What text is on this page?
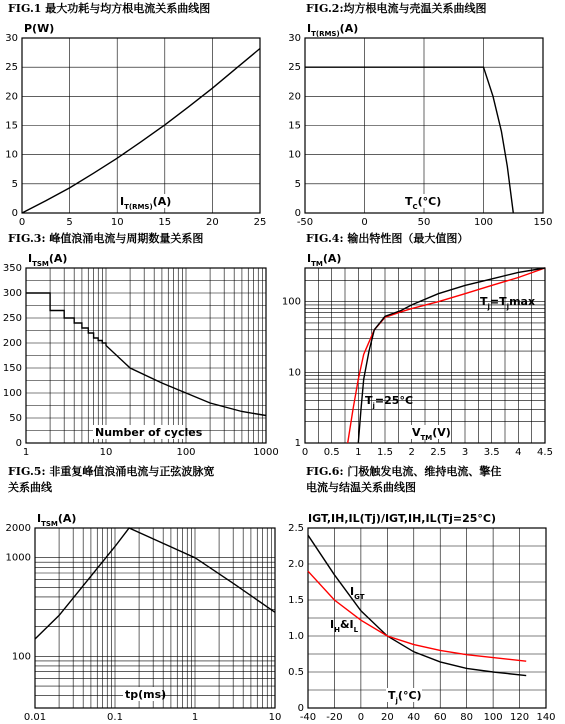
FIG.1 最大功耗与均方根电流关系曲线图
0	5	10	15	20	25
0
5
10
15
20
25
30
P(W)
$I_{T(RMS)}(A)$
FIG.2:均方根电流与壳温关系曲线图
-50	0	50	100	150
0
5
10
15
20
25
30
$I_{T(RMS)}(A)$
$T_C(^\circ C)$
FIG.3: 峰值浪涌电流与周期数量关系图
1	10	100	1000
0
50
100
150
200
250
300
350
$I_{TSM}(A)$
Number of cycles
FIG.4: 输出特性图（最大值图）
0 0.5 1 1.5 2 2.5 3 3.5 4 4.5
1
10
100
$I_{TM}(A)$
$V_{TM}(V)$
$T_j=T_j\max$
$T_j=25^\circ C$
FIG.5: 非重复峰值浪涌电流与正弦波脉宽
关系曲线
0.01	0.1	1	10
100
1000
2000
$I_{TSM}(A)$
tp(ms)
FIG.6: 门极触发电流、维持电流、擎住
电流与结温关系曲线图
-40 -20 0 20 40 60 80 100 120 140
0
0.5
1.0
1.5
2.0
2.5
IGT,IH,IL(Tj)/IGT,IH,IL(Tj=25°C)
$T_j(^\circ C)$
$I_{GT}$
$I_H\&I_L$
